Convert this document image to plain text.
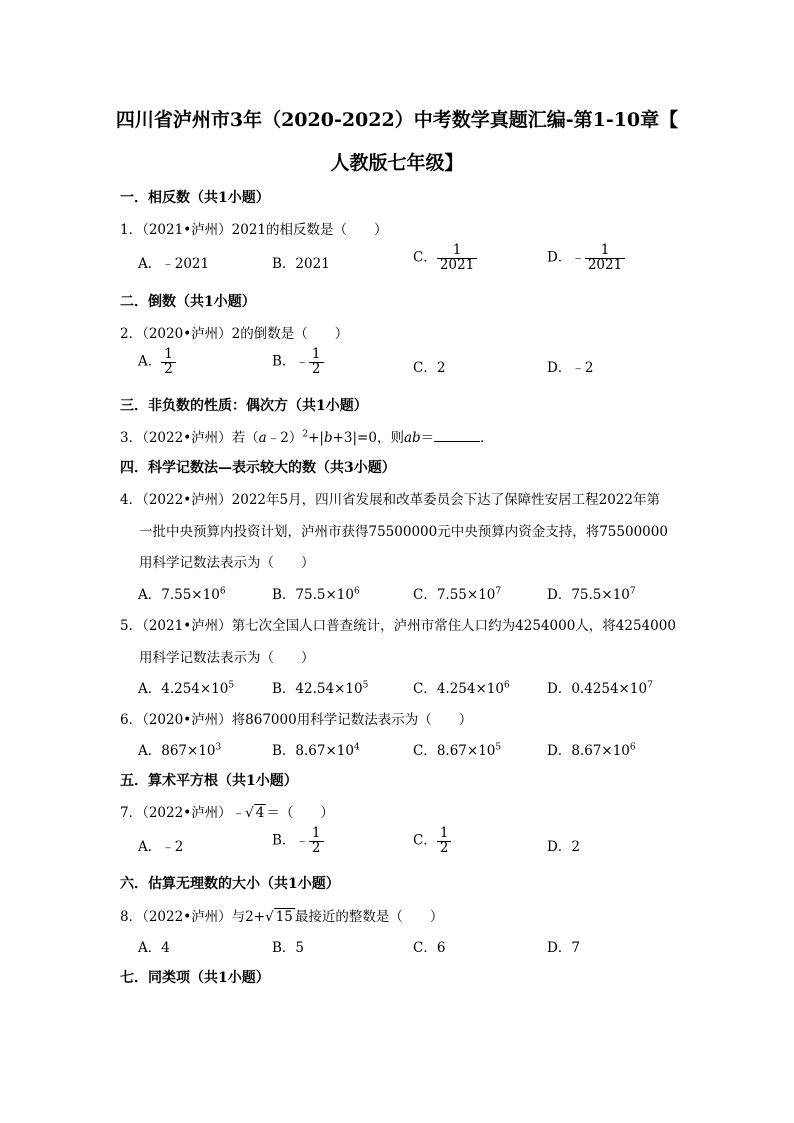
四川省泸州市3年（2020-2022）中考数学真题汇编-第1-10章【
人教版七年级】
一．相反数（共1小题）
1．（2021•泸州）2021的相反数是（　　）
A．﹣2021	B．2021	C． $\frac{1}{2021}$	D．﹣ $\frac{1}{2021}$
二．倒数（共1小题）
2．（2020•泸州）2的倒数是（　　）
A． $\frac{1}{2}$	B．﹣ $\frac{1}{2}$	C．2	D．﹣2
三．非负数的性质：偶次方（共1小题）
3．（2022•泸州）若（a﹣2）$^2$+|b+3|=0，则ab＝	．
四．科学记数法—表示较大的数（共3小题）
4．（2022•泸州）2022年5月，四川省发展和改革委员会下达了保障性安居工程2022年第
一批中央预算内投资计划，泸州市获得75500000元中央预算内资金支持，将75500000
用科学记数法表示为（　　）
A．$7.55\times 10^6$	B．$75.5\times 10^6$	C．$7.55\times 10^7$	D．$75.5\times 10^7$
5．（2021•泸州）第七次全国人口普查统计，泸州市常住人口约为4254000人，将4254000
用科学记数法表示为（　　）
A．$4.254\times 10^5$	B．$42.54\times 10^5$	C．$4.254\times 10^6$	D．$0.4254\times 10^7$
6．（2020•泸州）将867000用科学记数法表示为（　　）
A．$867\times 10^3$	B．$8.67\times 10^4$	C．$8.67\times 10^5$	D．$8.67\times 10^6$
五．算术平方根（共1小题）
7．（2022•泸州）﹣√ 4 ＝（　　）
A．﹣2	B．﹣ $\frac{1}{2}$	C． $\frac{1}{2}$	D．2
六．估算无理数的大小（共1小题）
8．（2022•泸州）与2+√ 15 最接近的整数是（　　）
A．4	B．5	C．6	D．7
七．同类项（共1小题）
